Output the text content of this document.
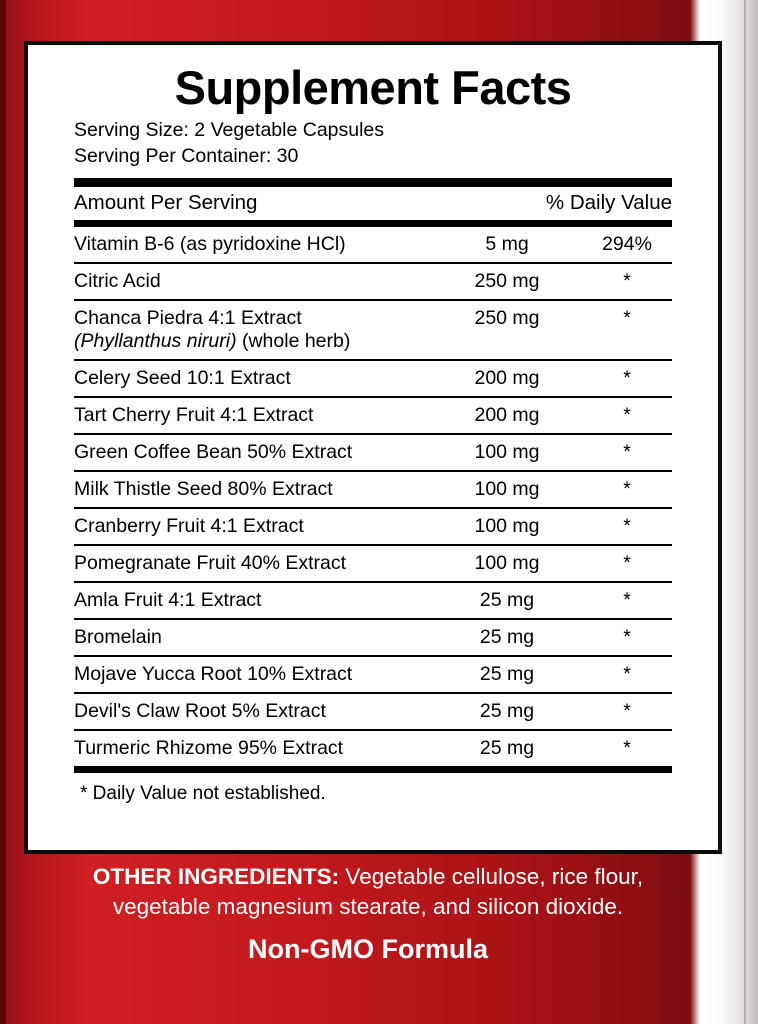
Supplement Facts
Serving Size: 2 Vegetable Capsules
Serving Per Container: 30
Amount Per Serving	% Daily Value
Vitamin B-6 (as pyridoxine HCl)	5 mg	294%
Citric Acid	250 mg	*
Chanca Piedra 4:1 Extract
(Phyllanthus niruri) (whole herb)	250 mg	*
Celery Seed 10:1 Extract	200 mg	*
Tart Cherry Fruit 4:1 Extract	200 mg	*
Green Coffee Bean 50% Extract	100 mg	*
Milk Thistle Seed 80% Extract	100 mg	*
Cranberry Fruit 4:1 Extract	100 mg	*
Pomegranate Fruit 40% Extract	100 mg	*
Amla Fruit 4:1 Extract	25 mg	*
Bromelain	25 mg	*
Mojave Yucca Root 10% Extract	25 mg	*
Devil's Claw Root 5% Extract	25 mg	*
Turmeric Rhizome 95% Extract	25 mg	*
* Daily Value not established.
OTHER INGREDIENTS: Vegetable cellulose, rice flour,
vegetable magnesium stearate, and silicon dioxide.
Non-GMO Formula
